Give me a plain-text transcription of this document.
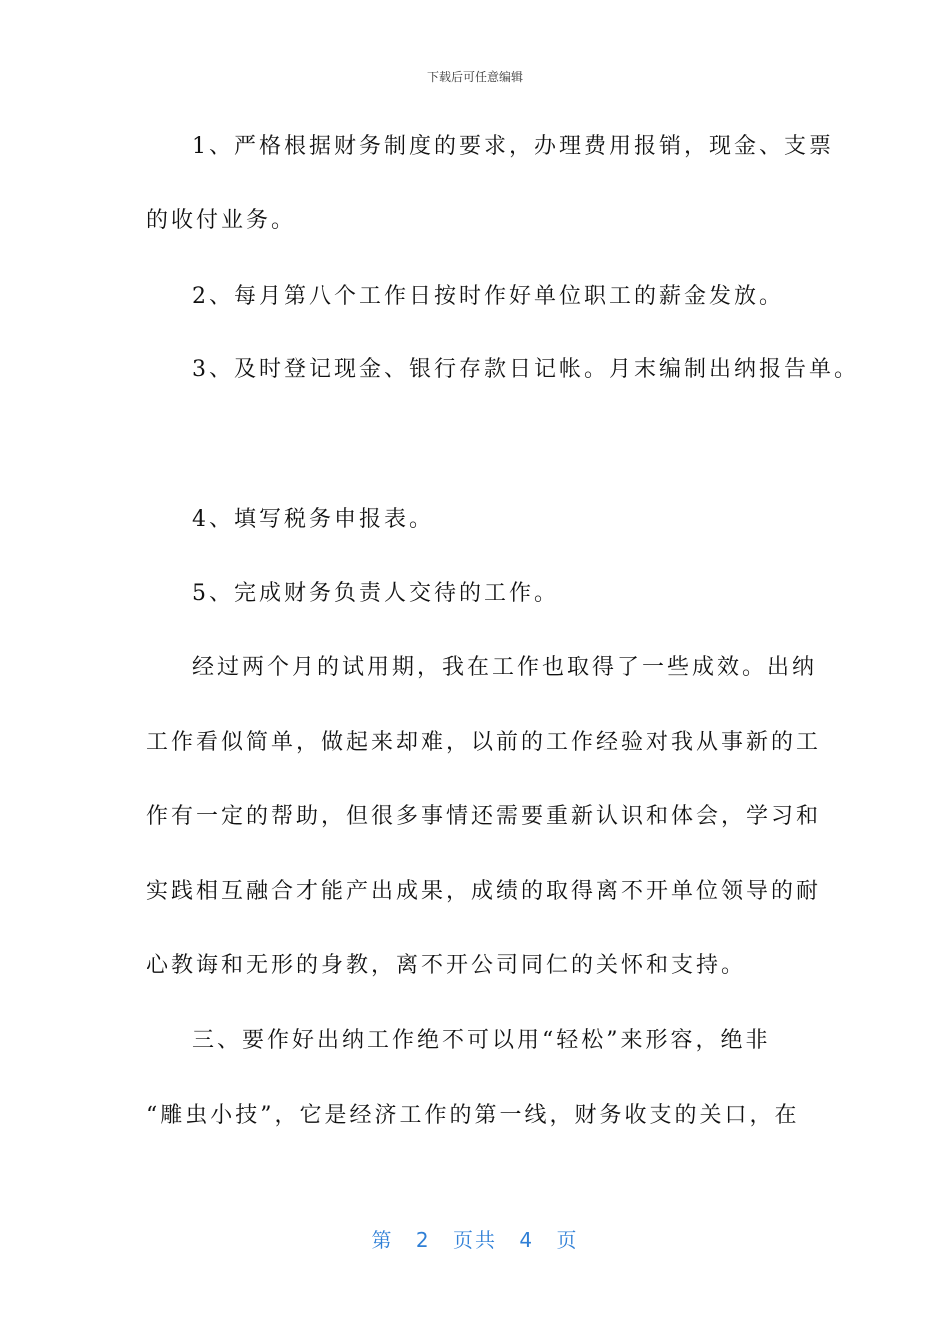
下载后可任意编辑
1、严格根据财务制度的要求，办理费用报销，现金、支票
的收付业务。
2、每月第八个工作日按时作好单位职工的薪金发放。
3、及时登记现金、银行存款日记帐。月末编制出纳报告单。
4、填写税务申报表。
5、完成财务负责人交待的工作。
经过两个月的试用期，我在工作也取得了一些成效。出纳
工作看似简单，做起来却难，以前的工作经验对我从事新的工
作有一定的帮助，但很多事情还需要重新认识和体会，学习和
实践相互融合才能产出成果，成绩的取得离不开单位领导的耐
心教诲和无形的身教，离不开公司同仁的关怀和支持。
三、要作好出纳工作绝不可以用“轻松”来形容，绝非
“雕虫小技”，它是经济工作的第一线，财务收支的关口，在
第 2 页共 4 页
